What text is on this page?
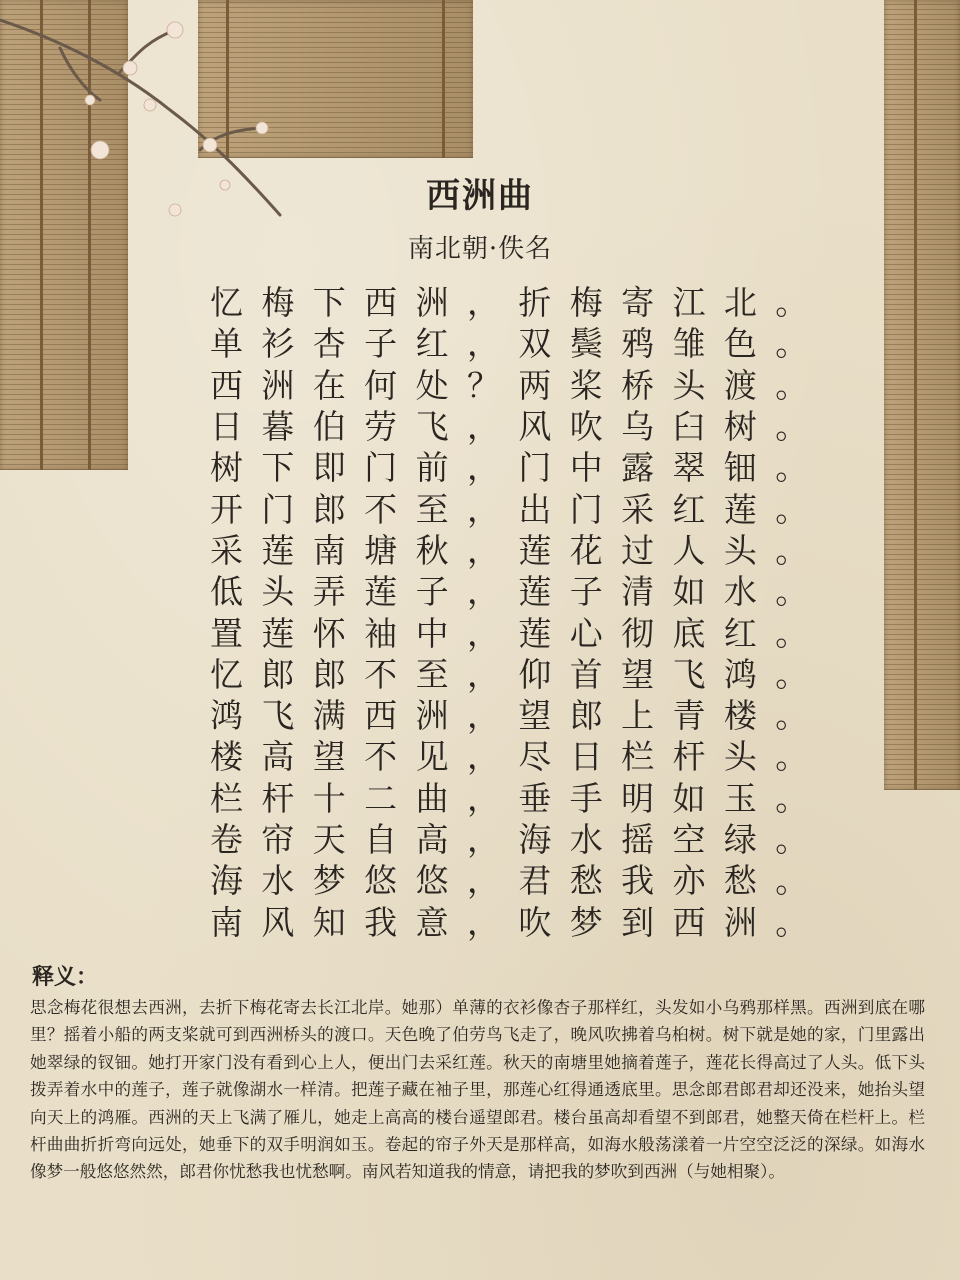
西洲曲
南北朝·佚名
忆 梅 下 西 洲 ， 折 梅 寄 江 北 。
单 衫 杏 子 红 ， 双 鬓 鸦 雏 色 。
西 洲 在 何 处 ？ 两 桨 桥 头 渡 。
日 暮 伯 劳 飞 ， 风 吹 乌 臼 树 。
树 下 即 门 前 ， 门 中 露 翠 钿 。
开 门 郎 不 至 ， 出 门 采 红 莲 。
采 莲 南 塘 秋 ， 莲 花 过 人 头 。
低 头 弄 莲 子 ， 莲 子 清 如 水 。
置 莲 怀 袖 中 ， 莲 心 彻 底 红 。
忆 郎 郎 不 至 ， 仰 首 望 飞 鸿 。
鸿 飞 满 西 洲 ， 望 郎 上 青 楼 。
楼 高 望 不 见 ， 尽 日 栏 杆 头 。
栏 杆 十 二 曲 ， 垂 手 明 如 玉 。
卷 帘 天 自 高 ， 海 水 摇 空 绿 。
海 水 梦 悠 悠 ， 君 愁 我 亦 愁 。
南 风 知 我 意 ， 吹 梦 到 西 洲 。
释义：
思念梅花很想去西洲，去折下梅花寄去长江北岸。她那）单薄的衣衫像杏子那样红，头发如小乌鸦那样黑。西洲到底在哪里？摇着小船的两支桨就可到西洲桥头的渡口。天色晚了伯劳鸟飞走了，晚风吹拂着乌桕树。树下就是她的家，门里露出她翠绿的钗钿。她打开家门没有看到心上人，便出门去采红莲。秋天的南塘里她摘着莲子，莲花长得高过了人头。低下头拨弄着水中的莲子，莲子就像湖水一样清。把莲子藏在袖子里，那莲心红得通透底里。思念郎君郎君却还没来，她抬头望向天上的鸿雁。西洲的天上飞满了雁儿，她走上高高的楼台遥望郎君。楼台虽高却看望不到郎君，她整天倚在栏杆上。栏杆曲曲折折弯向远处，她垂下的双手明润如玉。卷起的帘子外天是那样高，如海水般荡漾着一片空空泛泛的深绿。如海水像梦一般悠悠然然，郎君你忧愁我也忧愁啊。南风若知道我的情意，请把我的梦吹到西洲（与她相聚）。
